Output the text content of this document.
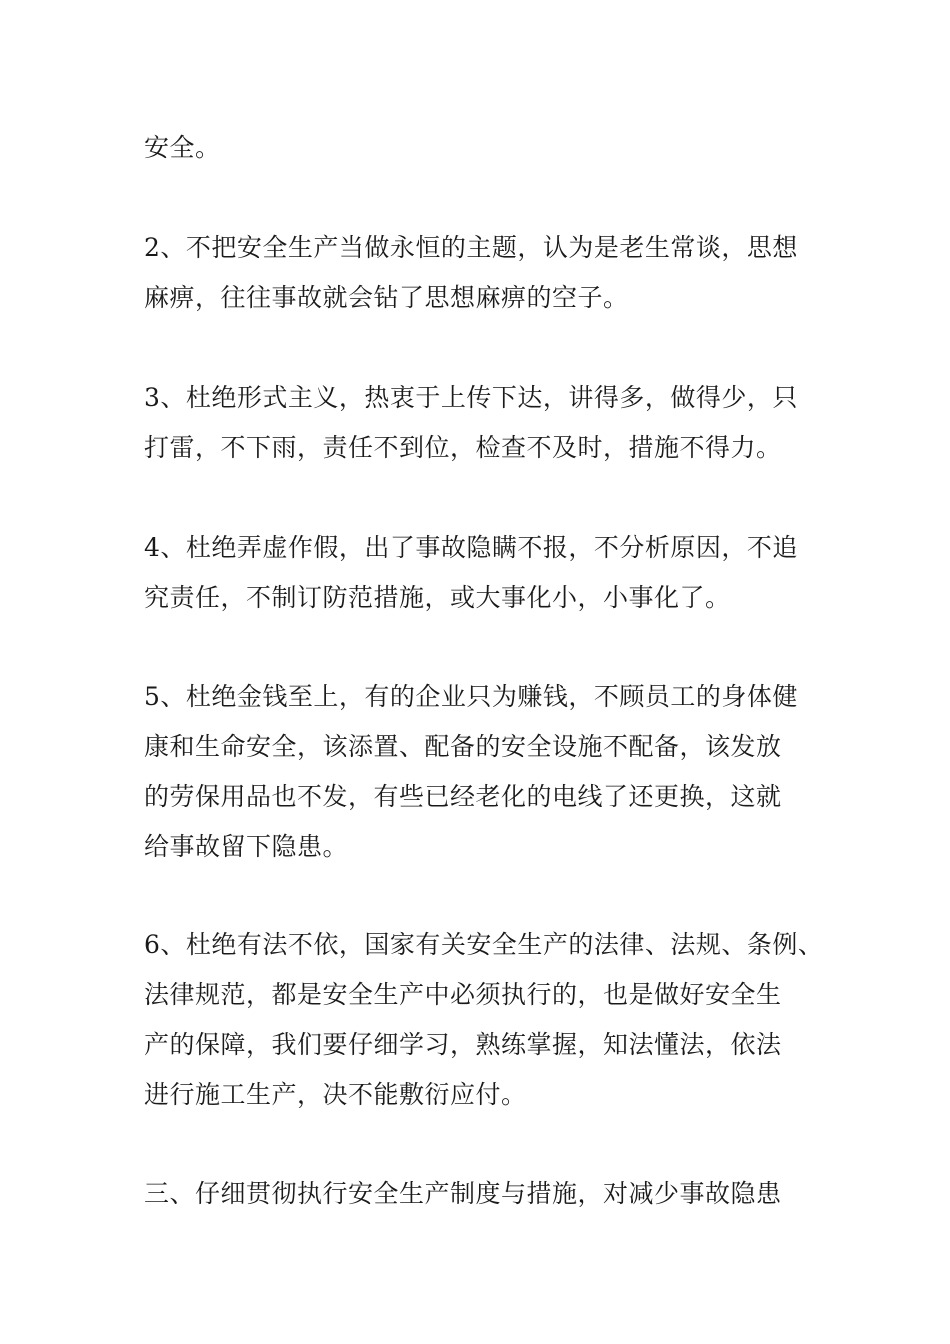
安全。
2、不把安全生产当做永恒的主题，认为是老生常谈，思想
麻痹，往往事故就会钻了思想麻痹的空子。
3、杜绝形式主义，热衷于上传下达，讲得多，做得少，只
打雷，不下雨，责任不到位，检查不及时，措施不得力。
4、杜绝弄虚作假，出了事故隐瞒不报，不分析原因，不追
究责任，不制订防范措施，或大事化小，小事化了。
5、杜绝金钱至上，有的企业只为赚钱，不顾员工的身体健
康和生命安全，该添置、配备的安全设施不配备，该发放
的劳保用品也不发，有些已经老化的电线了还更换，这就
给事故留下隐患。
6、杜绝有法不依，国家有关安全生产的法律、法规、条例、
法律规范，都是安全生产中必须执行的，也是做好安全生
产的保障，我们要仔细学习，熟练掌握，知法懂法，依法
进行施工生产，决不能敷衍应付。
三、仔细贯彻执行安全生产制度与措施，对减少事故隐患
